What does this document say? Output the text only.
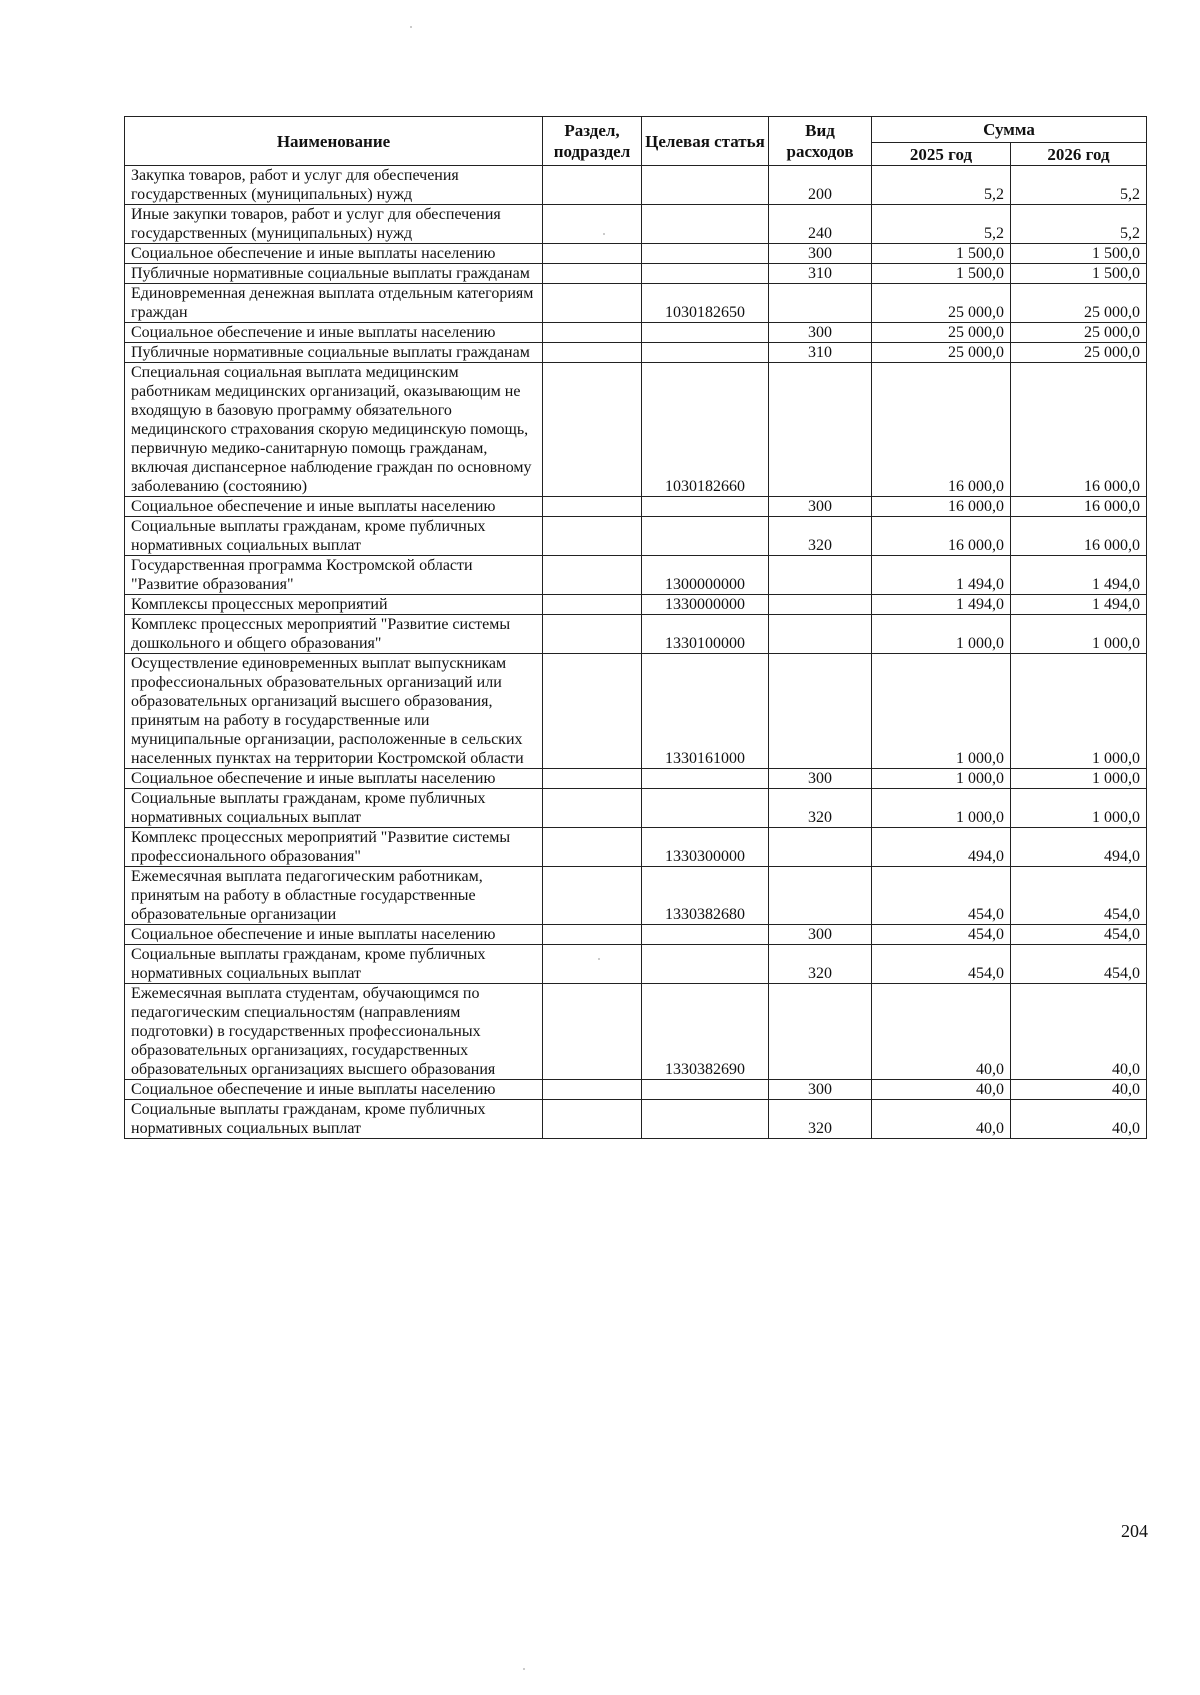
Наименование	Раздел, подраздел	Целевая статья	Вид расходов	Сумма	
				2025 год	2026 год
Закупка товаров, работ и услуг для обеспечения государственных (муниципальных) нужд			200	5,2	5,2
Иные закупки товаров, работ и услуг для обеспечения государственных (муниципальных) нужд			240	5,2	5,2
Социальное обеспечение и иные выплаты населению			300	1 500,0	1 500,0
Публичные нормативные социальные выплаты гражданам			310	1 500,0	1 500,0
Единовременная денежная выплата отдельным категориям граждан		1030182650		25 000,0	25 000,0
Социальное обеспечение и иные выплаты населению			300	25 000,0	25 000,0
Публичные нормативные социальные выплаты гражданам			310	25 000,0	25 000,0
Специальная социальная выплата медицинским работникам медицинских организаций, оказывающим не входящую в базовую программу обязательного медицинского страхования скорую медицинскую помощь, первичную медико-санитарную помощь гражданам, включая диспансерное наблюдение граждан по основному заболеванию (состоянию)		1030182660		16 000,0	16 000,0
Социальное обеспечение и иные выплаты населению			300	16 000,0	16 000,0
Социальные выплаты гражданам, кроме публичных нормативных социальных выплат			320	16 000,0	16 000,0
Государственная программа Костромской области "Развитие образования"		1300000000		1 494,0	1 494,0
Комплексы процессных мероприятий		1330000000		1 494,0	1 494,0
Комплекс процессных мероприятий "Развитие системы дошкольного и общего образования"		1330100000		1 000,0	1 000,0
Осуществление единовременных выплат выпускникам профессиональных образовательных организаций или образовательных организаций высшего образования, принятым на работу в государственные или муниципальные организации, расположенные в сельских населенных пунктах на территории Костромской области		1330161000		1 000,0	1 000,0
Социальное обеспечение и иные выплаты населению			300	1 000,0	1 000,0
Социальные выплаты гражданам, кроме публичных нормативных социальных выплат			320	1 000,0	1 000,0
Комплекс процессных мероприятий "Развитие системы профессионального образования"		1330300000		494,0	494,0
Ежемесячная выплата педагогическим работникам, принятым на работу в областные государственные образовательные организации		1330382680		454,0	454,0
Социальное обеспечение и иные выплаты населению			300	454,0	454,0
Социальные выплаты гражданам, кроме публичных нормативных социальных выплат			320	454,0	454,0
Ежемесячная выплата студентам, обучающимся по педагогическим специальностям (направлениям подготовки) в государственных профессиональных образовательных организациях, государственных образовательных организациях высшего образования		1330382690		40,0	40,0
Социальное обеспечение и иные выплаты населению			300	40,0	40,0
Социальные выплаты гражданам, кроме публичных нормативных социальных выплат			320	40,0	40,0
204
